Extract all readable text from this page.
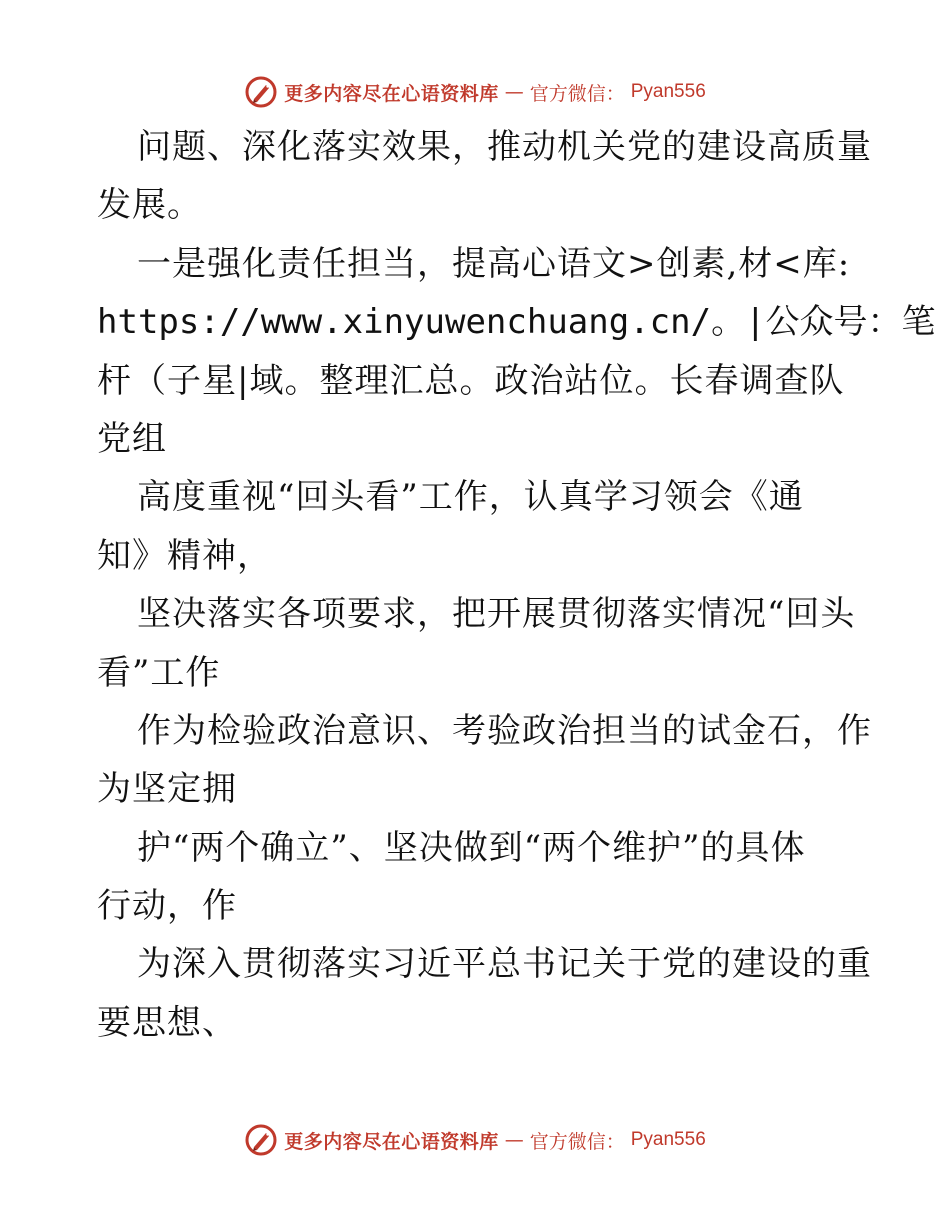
更多内容尽在心语资料库 — 官方微信： Pyan556
问题、深化落实效果，推动机关党的建设高质量
发展。
一是强化责任担当，提高心语文>创素,材<库:
https://www.xinyuwenchuang.cn/。|公众号：笔
杆（子星|域。整理汇总。政治站位。长春调查队
党组
高度重视“回头看”工作，认真学习领会《通
知》精神，
坚决落实各项要求，把开展贯彻落实情况“回头
看”工作
作为检验政治意识、考验政治担当的试金石，作
为坚定拥
护“两个确立”、坚决做到“两个维护”的具体
行动，作
为深入贯彻落实习近平总书记关于党的建设的重
要思想、
更多内容尽在心语资料库 — 官方微信： Pyan556
